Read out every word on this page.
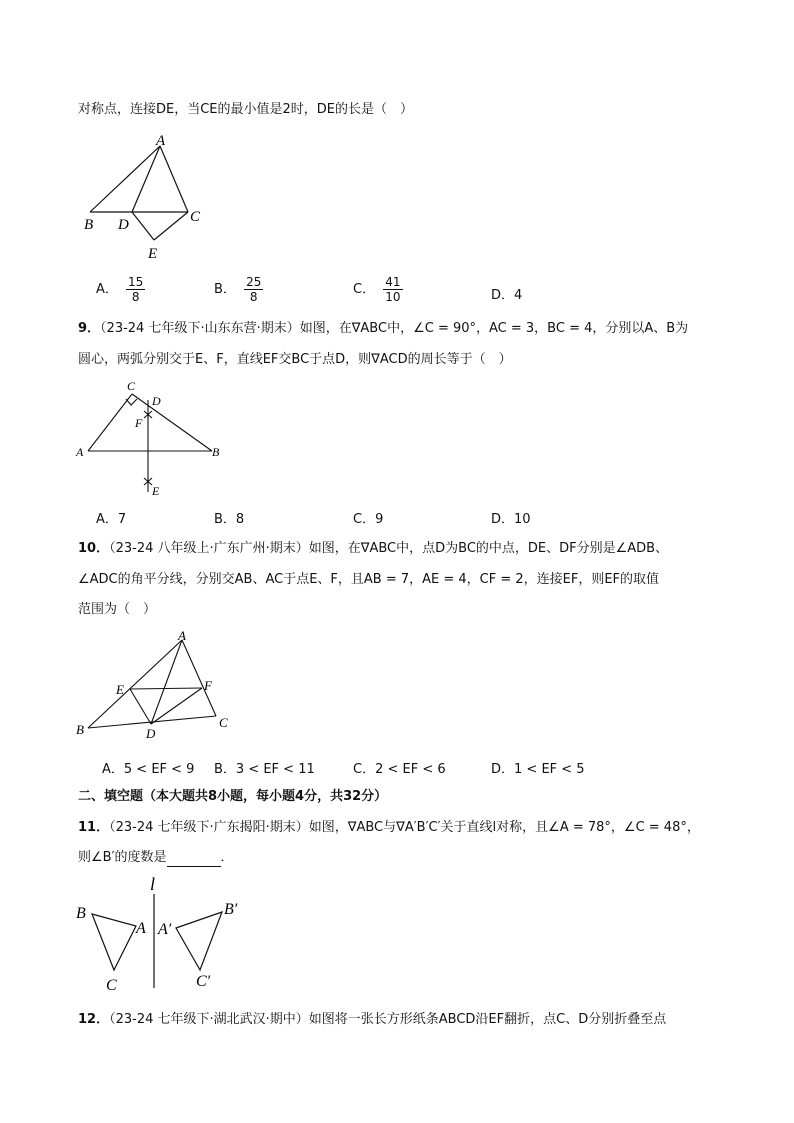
对称点，连接DE，当CE的最小值是2时，DE的长是（　）
A
B D	C
E
A． $\frac{15}{8}$	B． $\frac{25}{8}$	C． $\frac{41}{10}$	D．4
9．（23-24 七年级下·山东东营·期末）如图，在∇ABC中，∠C = 90°，AC = 3，BC = 4，分别以A、B为
圆心，两弧分别交于E、F，直线EF交BC于点D，则∇ACD的周长等于（　）
C
D
F
A	B
E
A．7	B．8	C．9	D．10
10．（23-24 八年级上·广东广州·期末）如图，在∇ABC中，点D为BC的中点，DE、DF分别是∠ADB、
∠ADC的角平分线，分别交AB、AC于点E、F，且AB = 7，AE = 4，CF = 2，连接EF，则EF的取值
范围为（　）
A
E	F
B	D
C
A．5 < EF < 9 B．3 < EF < 11	C．2 < EF < 6	D．1 < EF < 5
二、填空题（本大题共8小题，每小题4分，共32分）
11．（23-24 七年级下·广东揭阳·期末）如图，∇ABC与∇A′B′C′关于直线l对称，且∠A = 78°，∠C = 48°，
则∠B′的度数是	．
l
B
A A′
B′
C	C′
12．（23-24 七年级下·湖北武汉·期中）如图将一张长方形纸条ABCD沿EF翻折，点C、D分别折叠至点
